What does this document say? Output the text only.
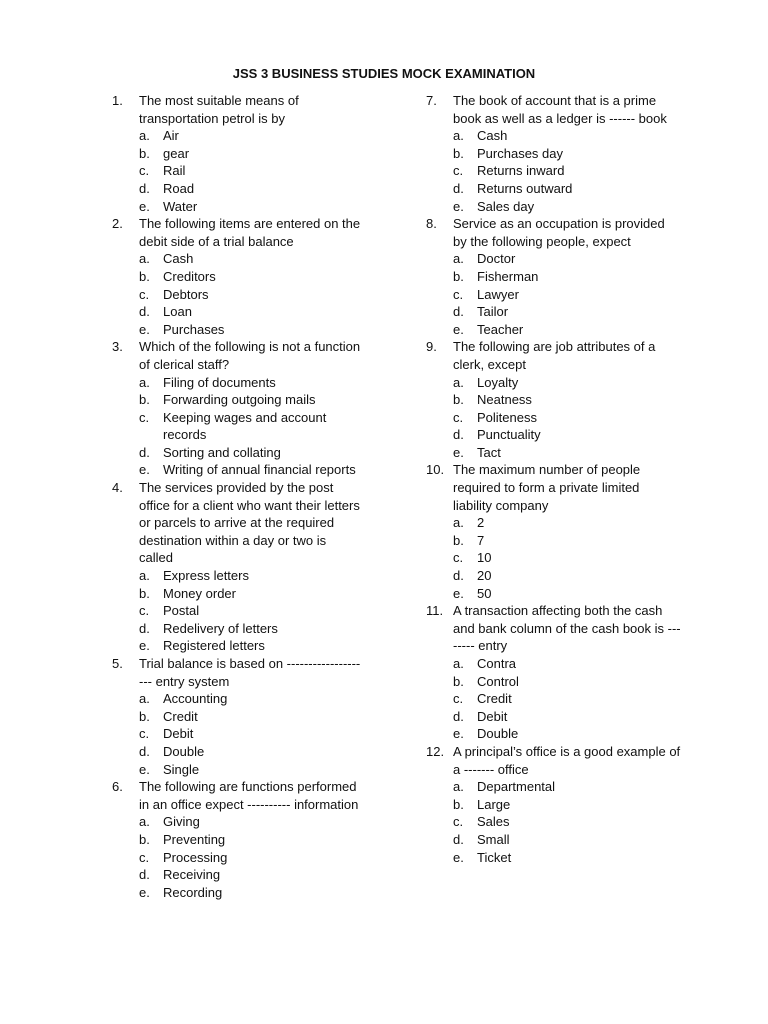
JSS 3 BUSINESS STUDIES MOCK EXAMINATION
1.	The most suitable means of transportation petrol is by
a.	Air
b.	gear
c.	Rail
d.	Road
e.	Water
2.	The following items are entered on the debit side of a trial balance
a.	Cash
b.	Creditors
c.	Debtors
d.	Loan
e.	Purchases
3.	Which of the following is not a function of clerical staff?
a.	Filing of documents
b.	Forwarding outgoing mails
c.	Keeping wages and account records
d.	Sorting and collating
e.	Writing of annual financial reports
4.	The services provided by the post office for a client who want their letters or parcels to arrive at the required destination within a day or two is called
a.	Express letters
b.	Money order
c.	Postal
d.	Redelivery of letters
e.	Registered letters
5.	Trial balance is based on -------------------- entry system
a.	Accounting
b.	Credit
c.	Debit
d.	Double
e.	Single
6.	The following are functions performed in an office expect ---------- information
a.	Giving
b.	Preventing
c.	Processing
d.	Receiving
e.	Recording
7.	The book of account that is a prime book as well as a ledger is ------ book
a.	Cash
b.	Purchases day
c.	Returns inward
d.	Returns outward
e.	Sales day
8.	Service as an occupation is provided by the following people, expect
a.	Doctor
b.	Fisherman
c.	Lawyer
d.	Tailor
e.	Teacher
9.	The following are job attributes of a clerk, except
a.	Loyalty
b.	Neatness
c.	Politeness
d.	Punctuality
e.	Tact
10. The maximum number of people required to form a private limited liability company
a.	2
b.	7
c.	10
d.	20
e.	50
11. A transaction affecting both the cash and bank column of the cash book is -------- entry
a.	Contra
b.	Control
c.	Credit
d.	Debit
e.	Double
12. A principal’s office is a good example of a ------- office
a.	Departmental
b.	Large
c.	Sales
d.	Small
e.	Ticket
